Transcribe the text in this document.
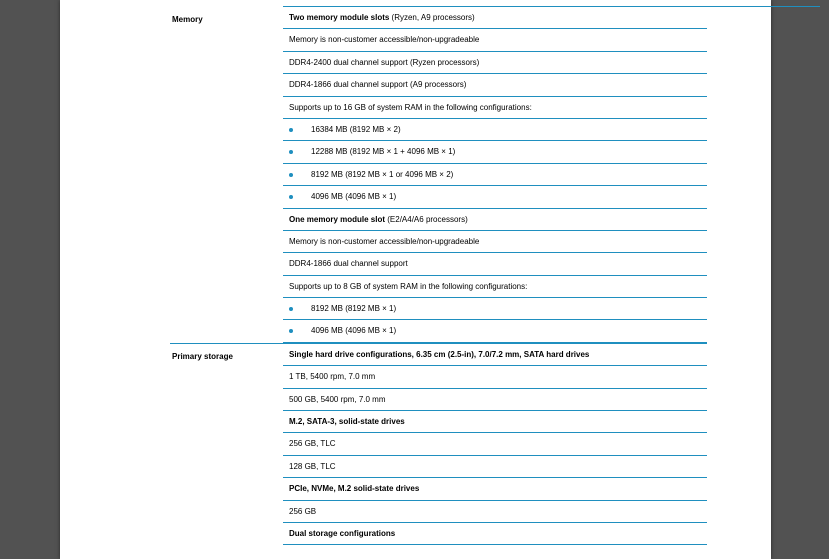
Memory	Two memory module slots (Ryzen, A9 processors)
Memory is non-customer accessible/non-upgradeable
DDR4-2400 dual channel support (Ryzen processors)
DDR4-1866 dual channel support (A9 processors)
Supports up to 16 GB of system RAM in the following configurations:
16384 MB (8192 MB × 2)
12288 MB (8192 MB × 1 + 4096 MB × 1)
8192 MB (8192 MB × 1 or 4096 MB × 2)
4096 MB (4096 MB × 1)
One memory module slot (E2/A4/A6 processors)
Memory is non-customer accessible/non-upgradeable
DDR4-1866 dual channel support
Supports up to 8 GB of system RAM in the following configurations:
8192 MB (8192 MB × 1)
4096 MB (4096 MB × 1)
Primary storage	Single hard drive configurations, 6.35 cm (2.5-in), 7.0/7.2 mm, SATA hard drives
1 TB, 5400 rpm, 7.0 mm
500 GB, 5400 rpm, 7.0 mm
M.2, SATA-3, solid-state drives
256 GB, TLC
128 GB, TLC
PCIe, NVMe, M.2 solid-state drives
256 GB
Dual storage configurations
